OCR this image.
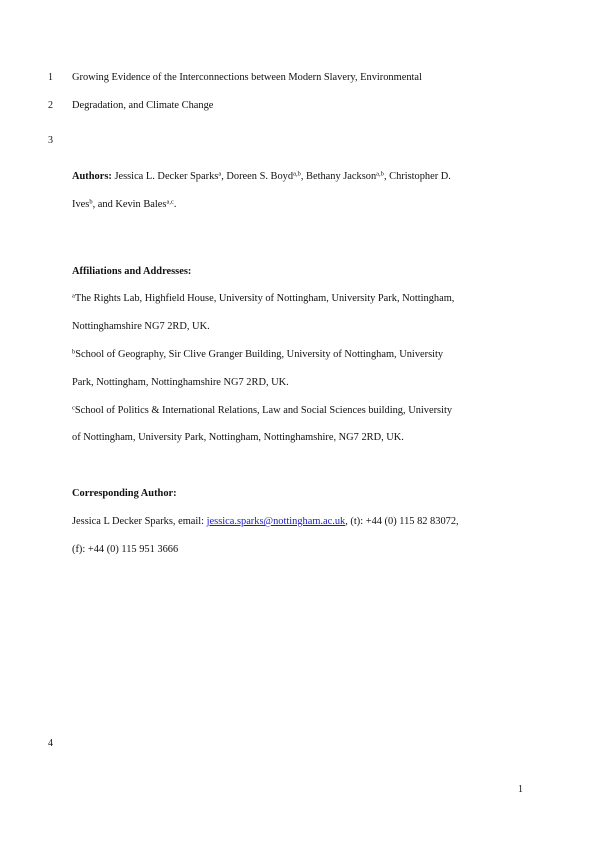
1
2
3
4
Growing Evidence of the Interconnections between Modern Slavery, Environmental
Degradation, and Climate Change
Authors: Jessica L. Decker Sparks$^a$, Doreen S. Boyd$^{a,b}$, Bethany Jackson$^{a,b}$, Christopher D.
Ives$^b$, and Kevin Bales$^{a,c}$.
Affiliations and Addresses:
$^a$The Rights Lab, Highfield House, University of Nottingham, University Park, Nottingham,
Nottinghamshire NG7 2RD, UK.
$^b$School of Geography, Sir Clive Granger Building, University of Nottingham, University
Park, Nottingham, Nottinghamshire NG7 2RD, UK.
$^c$School of Politics & International Relations, Law and Social Sciences building, University
of Nottingham, University Park, Nottingham, Nottinghamshire, NG7 2RD, UK.
Corresponding Author:
Jessica L Decker Sparks, email: jessica.sparks@nottingham.ac.uk, (t): +44 (0) 115 82 83072,
(f): +44 (0) 115 951 3666
1
